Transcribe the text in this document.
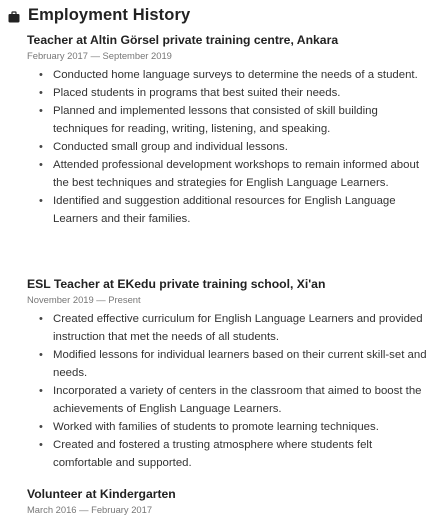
Employment History
Teacher at Altin Görsel private training centre, Ankara
February 2017 — September 2019
• Conducted home language surveys to determine the needs of a student.
• Placed students in programs that best suited their needs.
• Planned and implemented lessons that consisted of skill building techniques for reading, writing, listening, and speaking.
• Conducted small group and individual lessons.
• Attended professional development workshops to remain informed about the best techniques and strategies for English Language Learners.
• Identified and suggestion additional resources for English Language Learners and their families.
ESL Teacher at EKedu private training school, Xi'an
November 2019 — Present
• Created effective curriculum for English Language Learners and provided instruction that met the needs of all students.
• Modified lessons for individual learners based on their current skill-set and needs.
• Incorporated a variety of centers in the classroom that aimed to boost the achievements of English Language Learners.
• Worked with families of students to promote learning techniques.
• Created and fostered a trusting atmosphere where students felt comfortable and supported.
Volunteer at Kindergarten
March 2016 — February 2017
